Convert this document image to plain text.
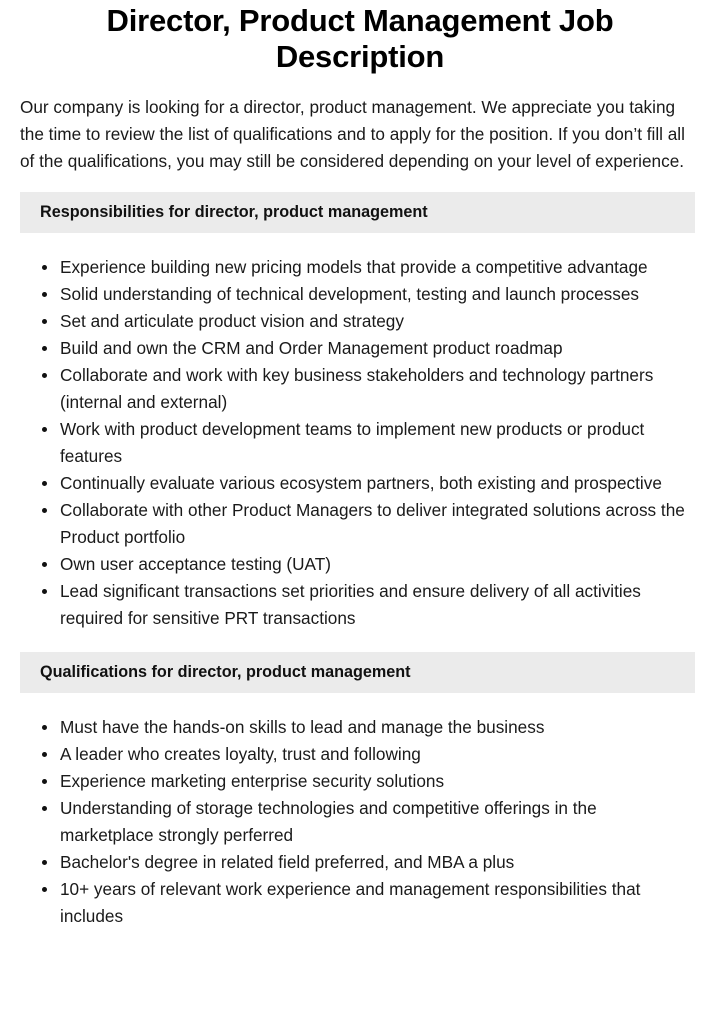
Director, Product Management Job Description

Our company is looking for a director, product management. We appreciate you taking the time to review the list of qualifications and to apply for the position. If you don’t fill all of the qualifications, you may still be considered depending on your level of experience.

Responsibilities for director, product management
Experience building new pricing models that provide a competitive advantage
Solid understanding of technical development, testing and launch processes
Set and articulate product vision and strategy
Build and own the CRM and Order Management product roadmap
Collaborate and work with key business stakeholders and technology partners (internal and external)
Work with product development teams to implement new products or product features
Continually evaluate various ecosystem partners, both existing and prospective
Collaborate with other Product Managers to deliver integrated solutions across the Product portfolio
Own user acceptance testing (UAT)
Lead significant transactions set priorities and ensure delivery of all activities required for sensitive PRT transactions
Qualifications for director, product management
Must have the hands-on skills to lead and manage the business
A leader who creates loyalty, trust and following
Experience marketing enterprise security solutions
Understanding of storage technologies and competitive offerings in the marketplace strongly perferred
Bachelor's degree in related field preferred, and MBA a plus
10+ years of relevant work experience and management responsibilities that includes
